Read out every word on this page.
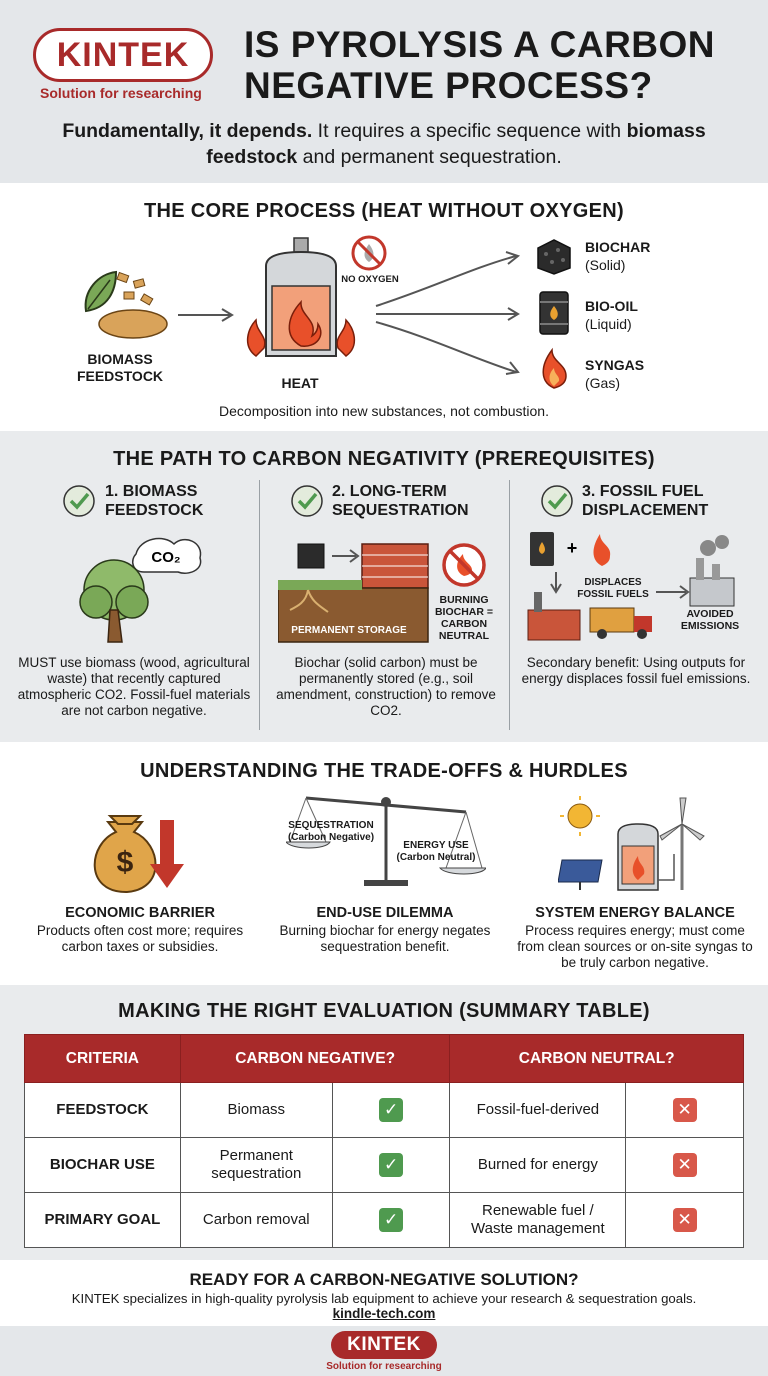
KINTEK
Solution for researching
IS PYROLYSIS A CARBON NEGATIVE PROCESS?
Fundamentally, it depends. It requires a specific sequence with biomass feedstock and permanent sequestration.
THE CORE PROCESS (HEAT WITHOUT OXYGEN)
BIOMASS FEEDSTOCK	HEAT
NO OXYGEN
BIOCHAR
(Solid)
BIO-OIL
(Liquid)
SYNGAS
(Gas)
Decomposition into new substances, not combustion.
THE PATH TO CARBON NEGATIVITY (PREREQUISITES)
1. BIOMASS FEEDSTOCK
CO₂
MUST use biomass (wood, agricultural waste) that recently captured atmospheric CO2. Fossil-fuel materials are not carbon negative.
2. LONG-TERM SEQUESTRATION
PERMANENT STORAGE
BURNING BIOCHAR = CARBON NEUTRAL
Biochar (solid carbon) must be permanently stored (e.g., soil amendment, construction) to remove CO2.
3. FOSSIL FUEL DISPLACEMENT
+
DISPLACES FOSSIL FUELS
AVOIDED EMISSIONS
Secondary benefit: Using outputs for energy displaces fossil fuel emissions.
UNDERSTANDING THE TRADE-OFFS & HURDLES
$
ECONOMIC BARRIER
Products often cost more; requires carbon taxes or subsidies.
SEQUESTRATION (Carbon Negative)
ENERGY USE (Carbon Neutral)
END-USE DILEMMA
Burning biochar for energy negates sequestration benefit.
SYSTEM ENERGY BALANCE
Process requires energy; must come from clean sources or on-site syngas to be truly carbon negative.
MAKING THE RIGHT EVALUATION (SUMMARY TABLE)
CRITERIA	CARBON NEGATIVE?		CARBON NEUTRAL?	
FEEDSTOCK	Biomass	✓	Fossil-fuel-derived	✕
BIOCHAR USE	Permanent sequestration	✓	Burned for energy	✕
PRIMARY GOAL	Carbon removal	✓	Renewable fuel / Waste management	✕
READY FOR A CARBON-NEGATIVE SOLUTION?
KINTEK specializes in high-quality pyrolysis lab equipment to achieve your research & sequestration goals.
kindle-tech.com
KINTEK
Solution for researching
